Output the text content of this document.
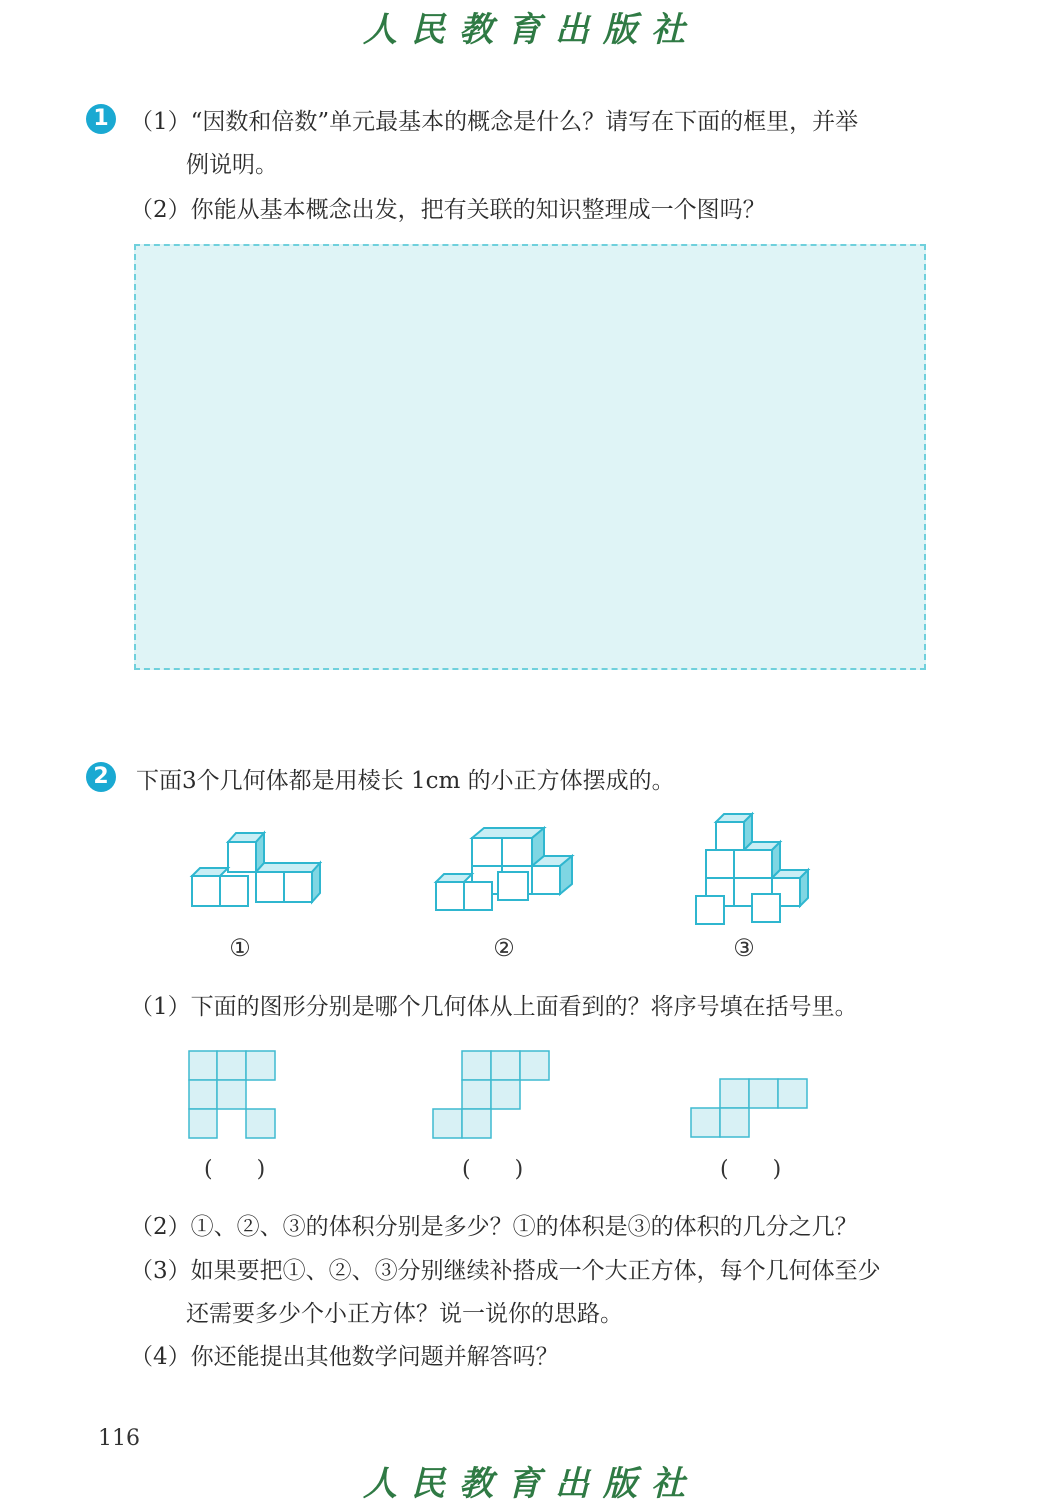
人民教育出版社
1 （1）“因数和倍数”单元最基本的概念是什么？请写在下面的框里，并举
例说明。
（2）你能从基本概念出发，把有关联的知识整理成一个图吗？
2	下面3个几何体都是用棱长 1cm 的小正方体摆成的。
①	②	③
（1）下面的图形分别是哪个几何体从上面看到的？将序号填在括号里。
(　　)	(　　)	(　　)
（2）①、②、③的体积分别是多少？①的体积是③的体积的几分之几？
（3）如果要把①、②、③分别继续补搭成一个大正方体，每个几何体至少
还需要多少个小正方体？说一说你的思路。
（4）你还能提出其他数学问题并解答吗？
116
人民教育出版社
